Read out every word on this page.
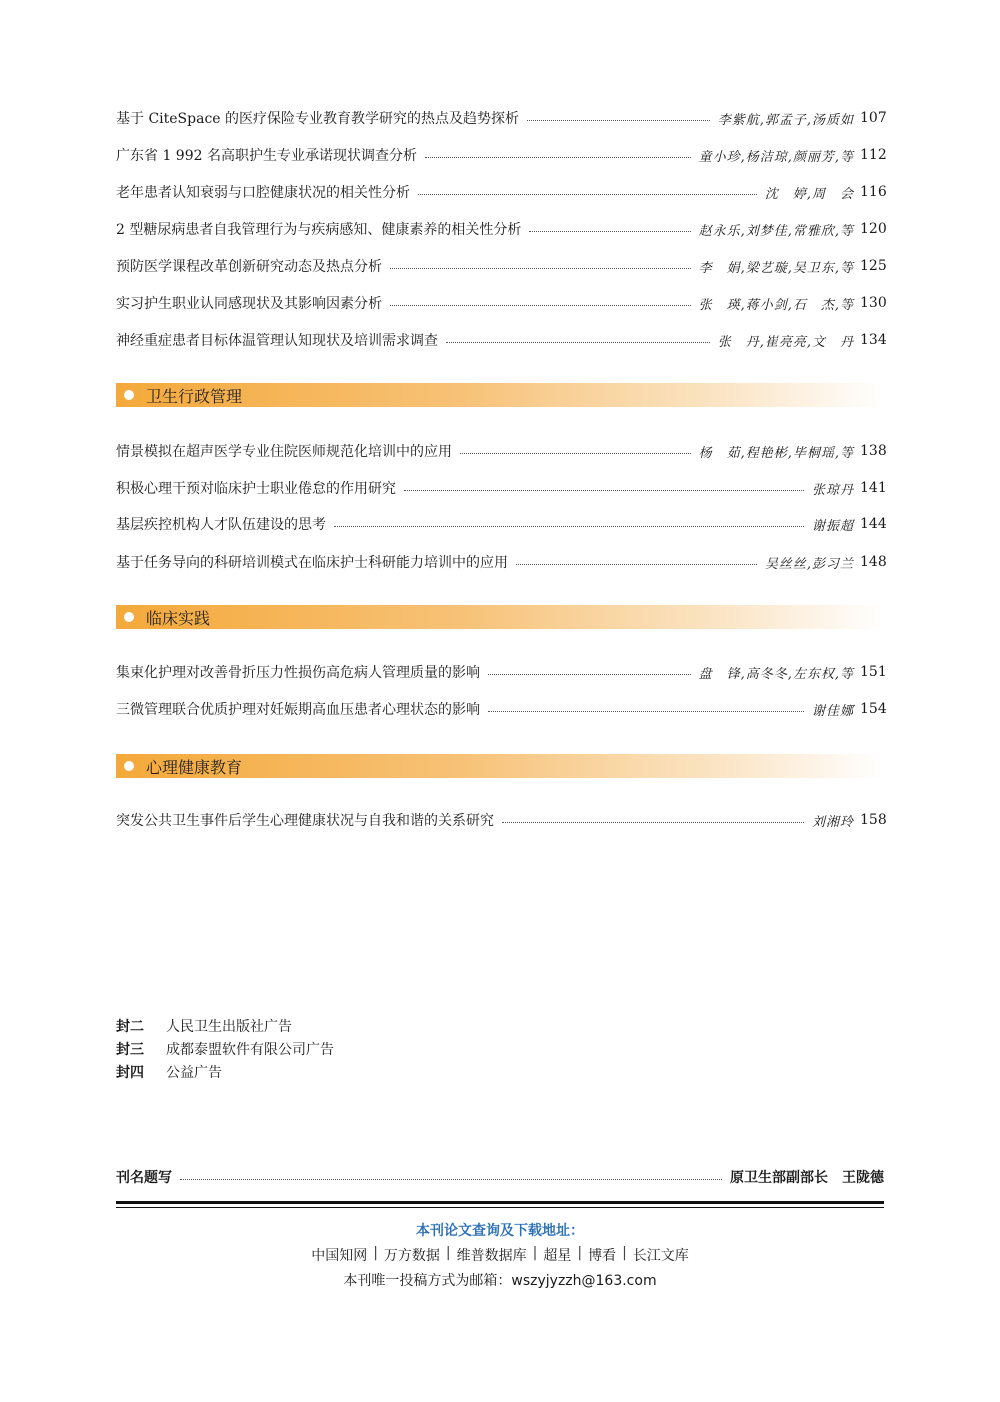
基于 CiteSpace 的医疗保险专业教育教学研究的热点及趋势探析	李紫航,郭孟子,汤质如 107
广东省 1 992 名高职护生专业承诺现状调查分析	童小珍,杨洁琼,颜丽芳,等 112
老年患者认知衰弱与口腔健康状况的相关性分析	沈　婷,周　会 116
2 型糖尿病患者自我管理行为与疾病感知、健康素养的相关性分析	赵永乐,刘梦佳,常雅欣,等 120
预防医学课程改革创新研究动态及热点分析	李　娟,梁艺璇,吴卫东,等 125
实习护生职业认同感现状及其影响因素分析	张　瑛,蒋小剑,石　杰,等 130
神经重症患者目标体温管理认知现状及培训需求调查	张　丹,崔亮亮,文　丹 134
卫生行政管理
情景模拟在超声医学专业住院医师规范化培训中的应用	杨　茹,程艳彬,毕桐瑶,等 138
积极心理干预对临床护士职业倦怠的作用研究	张琼丹 141
基层疾控机构人才队伍建设的思考	谢振超 144
基于任务导向的科研培训模式在临床护士科研能力培训中的应用	吴丝丝,彭习兰 148
临床实践
集束化护理对改善骨折压力性损伤高危病人管理质量的影响	盘　锋,高冬冬,左东权,等 151
三微管理联合优质护理对妊娠期高血压患者心理状态的影响	谢佳娜 154
心理健康教育
突发公共卫生事件后学生心理健康状况与自我和谐的关系研究	刘湘玲 158
封二	人民卫生出版社广告
封三	成都泰盟软件有限公司广告
封四	公益广告
刊名题写	原卫生部副部长　王陇德
本刊论文查询及下载地址：
中国知网 | 万方数据 | 维普数据库 | 超星 | 博看 | 长江文库
本刊唯一投稿方式为邮箱：wszyjyzzh@163.com
